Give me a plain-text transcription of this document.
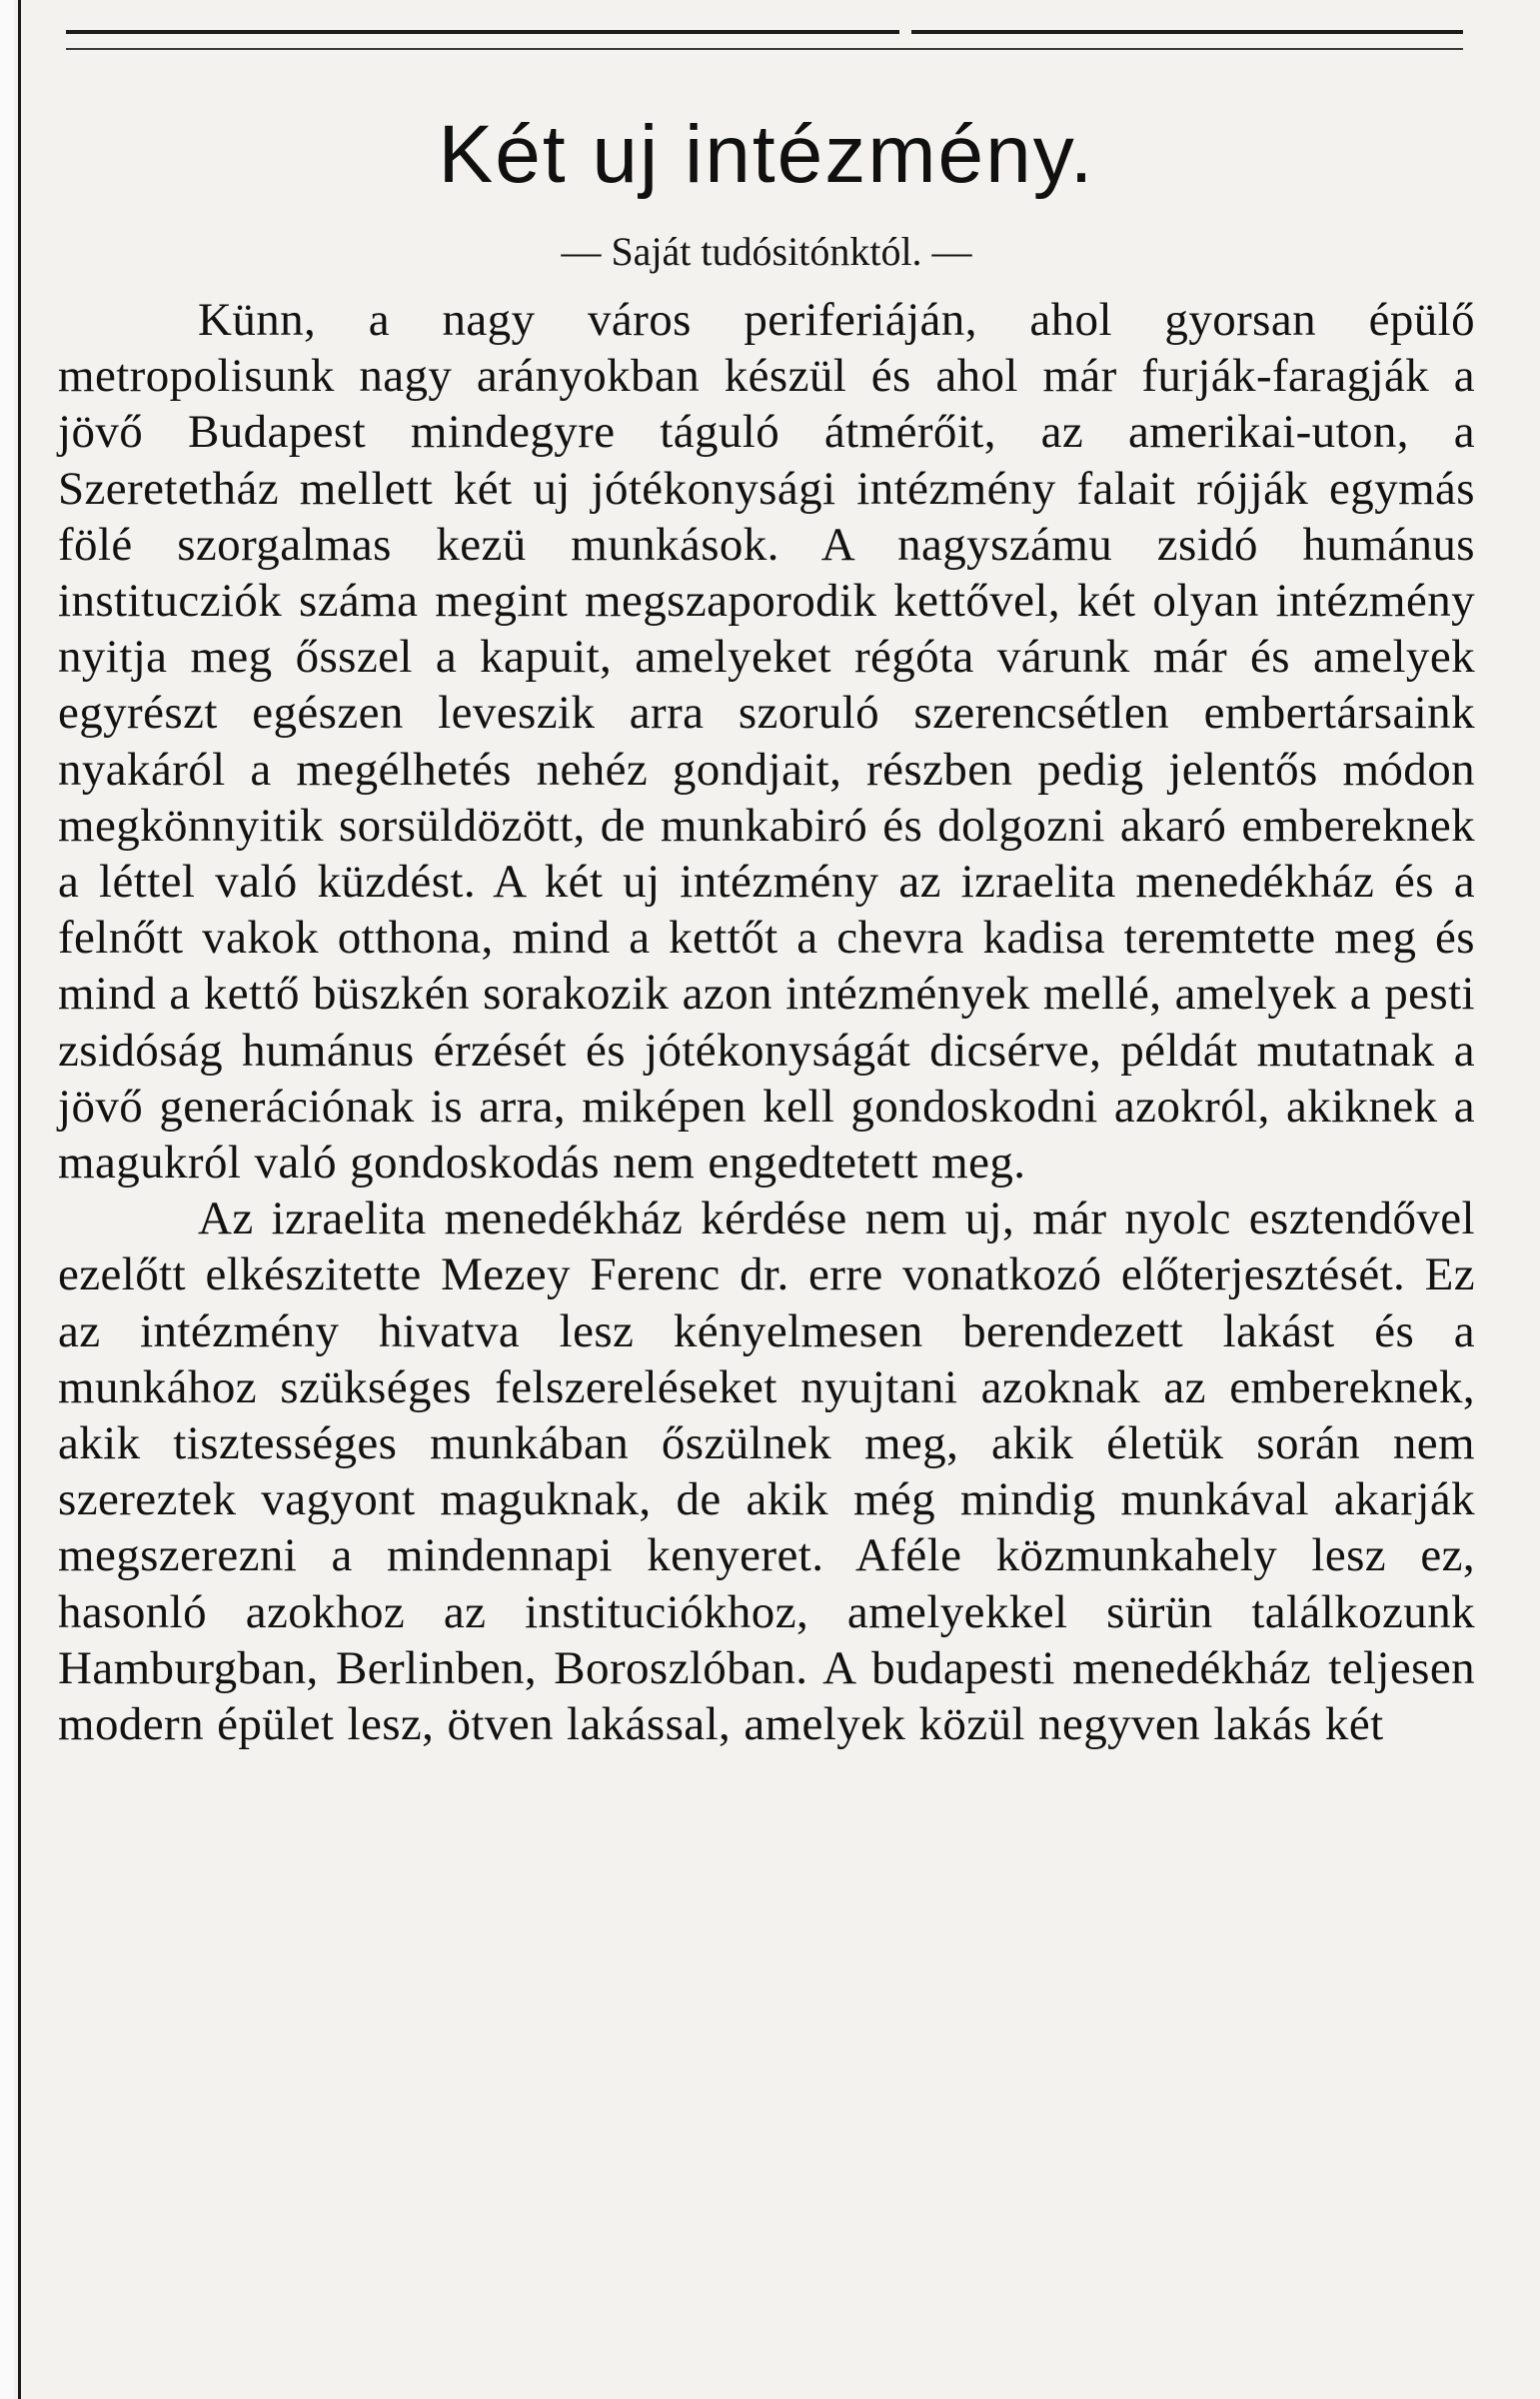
Két uj intézmény.
— Saját tudósitónktól. —

Künn, a nagy város periferiáján, ahol gyorsan épülő metropolisunk nagy arányokban készül és ahol már furják-faragják a jövő Budapest mindegyre táguló átmérőit, az amerikai-uton, a Szeretetház mellett két uj jótékonysági intézmény falait rójják egymás fölé szorgalmas kezü munkások. A nagyszámu zsidó humánus institucziók száma megint megszaporodik kettővel, két olyan intézmény nyitja meg ősszel a kapuit, amelyeket régóta várunk már és amelyek egyrészt egészen leveszik arra szoruló szerencsétlen embertársaink nyakáról a megélhetés nehéz gondjait, részben pedig jelentős módon megkönnyitik sorsüldözött, de munkabiró és dolgozni akaró embereknek a léttel való küzdést. A két uj intézmény az izraelita menedékház és a felnőtt vakok otthona, mind a kettőt a chevra kadisa teremtette meg és mind a kettő büszkén sorakozik azon intézmények mellé, amelyek a pesti zsidóság humánus érzését és jótékonyságát dicsérve, példát mutatnak a jövő generációnak is arra, miképen kell gondoskodni azokról, akiknek a magukról való gondoskodás nem engedtetett meg.

Az izraelita menedékház kérdése nem uj, már nyolc esztendővel ezelőtt elkészitette Mezey Ferenc dr. erre vonatkozó előterjesztését. Ez az intézmény hivatva lesz kényelmesen berendezett lakást és a munkához szükséges felszereléseket nyujtani azoknak az embereknek, akik tisztességes munkában őszülnek meg, akik életük során nem szereztek vagyont maguknak, de akik még mindig munkával akarják megszerezni a mindennapi kenyeret. Aféle közmunkahely lesz ez, hasonló azokhoz az instituciókhoz, amelyekkel sürün találkozunk Hamburgban, Berlinben, Boroszlóban. A budapesti menedékház teljesen modern épület lesz, ötven lakással, amelyek közül negyven lakás két
